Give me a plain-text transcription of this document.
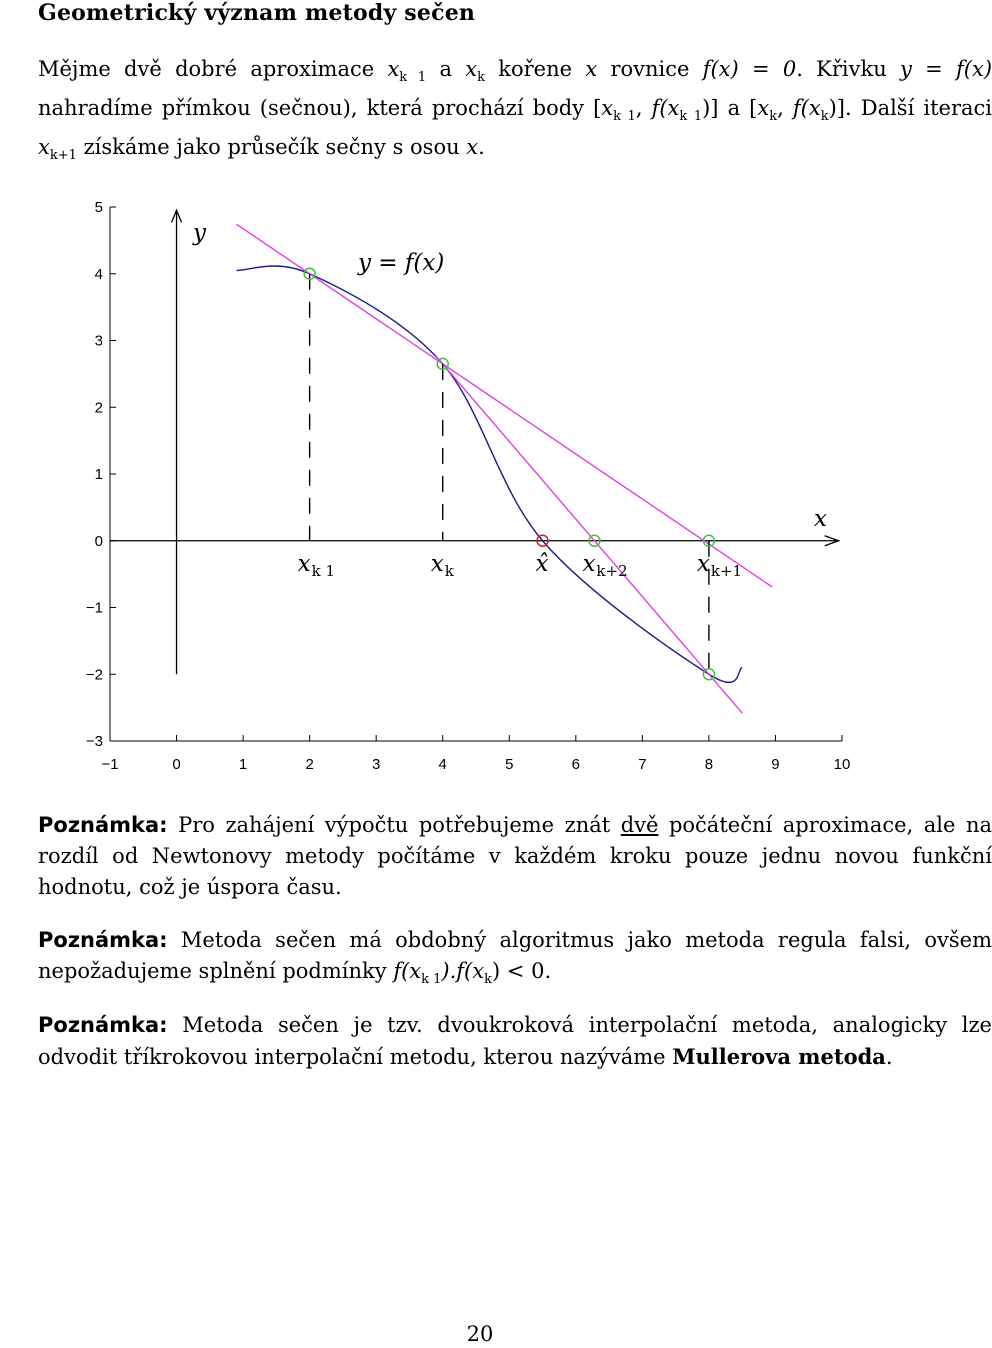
Geometrický význam metody sečen
Mějme dvě dobré aproximace $x_{k 1}$ a $x_k$ kořene x rovnice f(x) = 0. Křivku y = f(x) nahradíme přímkou (sečnou), která prochází body [$x_{k 1}$, $f(x_{k 1})$] a [$x_k$, $f(x_k)$]. Další iteraci $x_{k+1}$ získáme jako průsečík sečny s osou x.
−1	0	1	2	3	4	5	6	7	8	9	10
5
4
3
2
1
0
−1
−2
−3
y
x
y = f(x)
$x_{k 1}$	$x_k$	x̂ $x_{k+2}$	$x_{k+1}$
Poznámka: Pro zahájení výpočtu potřebujeme znát dvě počáteční aproximace, ale na rozdíl od Newtonovy metody počítáme v každém kroku pouze jednu novou funkční hodnotu, což je úspora času.
Poznámka: Metoda sečen má obdobný algoritmus jako metoda regula falsi, ovšem nepožadujeme splnění podmínky $f(x_{k 1}).f(x_k) < 0$.
Poznámka: Metoda sečen je tzv. dvoukroková interpolační metoda, analogicky lze odvodit tříkrokovou interpolační metodu, kterou nazýváme Mullerova metoda.
20
